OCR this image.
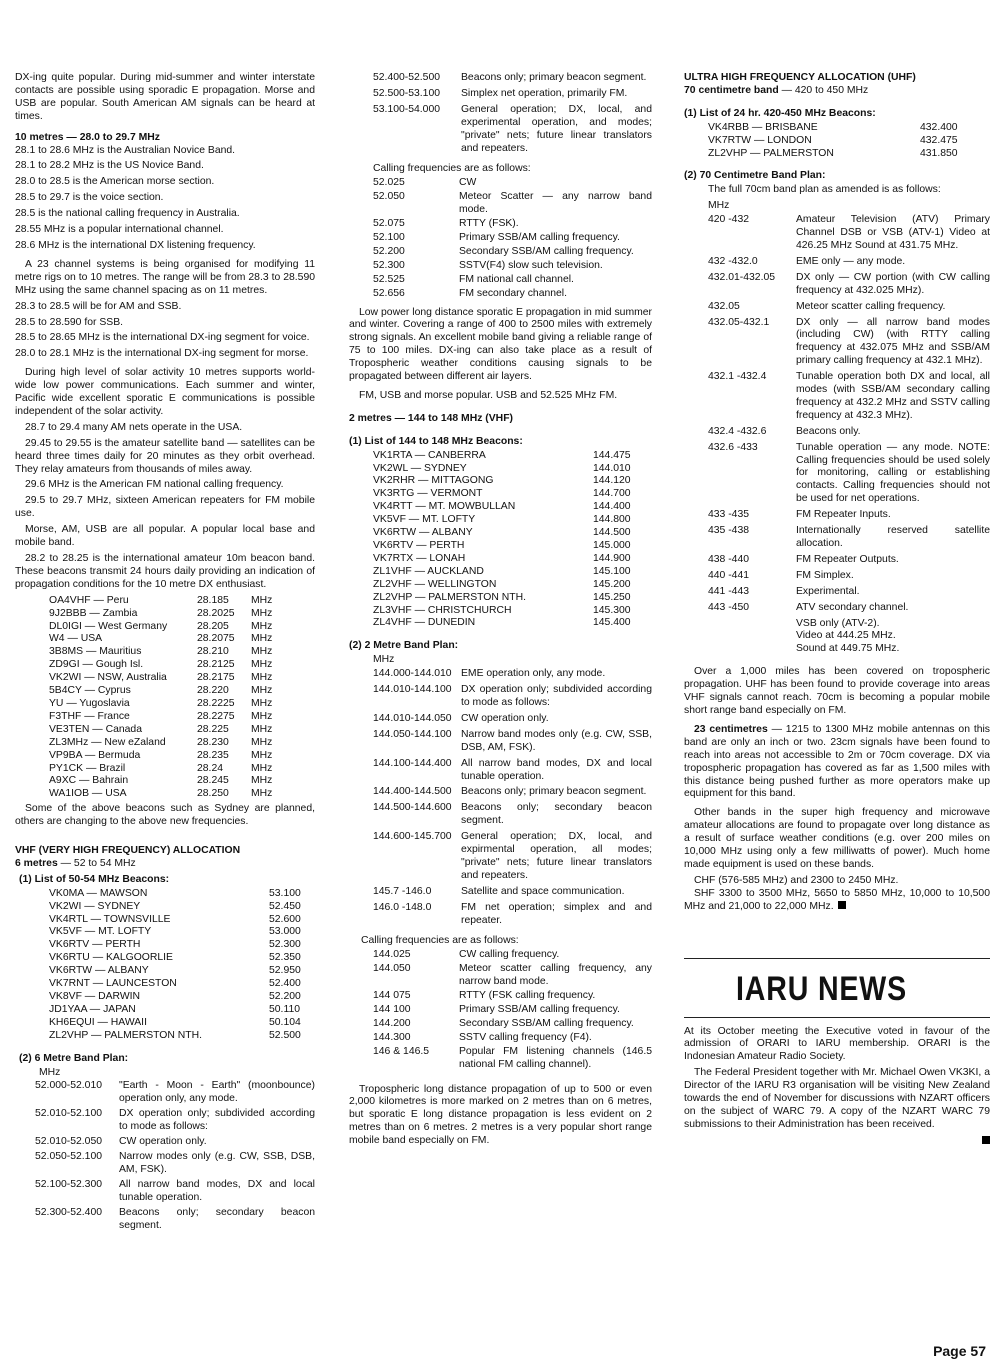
DX-ing quite popular. During mid-summer and winter interstate contacts are possible using sporadic E propagation. Morse and USB are popular. South American AM signals can be heard at times.

10 metres — 28.0 to 29.7 MHz

28.1 to 28.6 MHz is the Australian Novice Band.

28.1 to 28.2 MHz is the US Novice Band.

28.0 to 28.5 is the American morse section.

28.5 to 29.7 is the voice section.

28.5 is the national calling frequency in Australia.

28.55 MHz is a popular international channel.

28.6 MHz is the international DX listening frequency.

A 23 channel systems is being organised for modifying 11 metre rigs on to 10 metres. The range will be from 28.3 to 28.590 MHz using the same channel spacing as on 11 metres.

28.3 to 28.5 will be for AM and SSB.

28.5 to 28.590 for SSB.

28.5 to 28.65 MHz is the international DX-ing segment for voice.

28.0 to 28.1 MHz is the international DX-ing segment for morse.

During high level of solar activity 10 metres supports world-wide low power communications. Each summer and winter, Pacific wide excellent sporatic E communications is possible independent of the solar activity.

28.7 to 29.4 many AM nets operate in the USA.

29.45 to 29.55 is the amateur satellite band — satellites can be heard three times daily for 20 minutes as they orbit overhead. They relay amateurs from thousands of miles away.

29.6 MHz is the American FM national calling frequency.

29.5 to 29.7 MHz, sixteen American repeaters for FM mobile use.

Morse, AM, USB are all popular. A popular local base and mobile band.

28.2 to 28.25 is the international amateur 10m beacon band. These beacons transmit 24 hours daily providing an indication of propagation conditions for the 10 metre DX enthusiast.

OA4VHF — Peru	28.185	MHz
9J2BBB — Zambia	28.2025	MHz
DL0IGI — West Germany	28.205	MHz
W4 — USA	28.2075	MHz
3B8MS — Mauritius	28.210	MHz
ZD9GI — Gough Isl.	28.2125	MHz
VK2WI — NSW, Australia	28.2175	MHz
5B4CY — Cyprus	28.220	MHz
YU — Yugoslavia	28.2225	MHz
F3THF — France	28.2275	MHz
VE3TEN — Canada	28.225	MHz
ZL3MHz — New eZaland	28.230	MHz
VP9BA — Bermuda	28.235	MHz
PY1CK — Brazil	28.24	MHz
A9XC — Bahrain	28.245	MHz
WA1IOB — USA	28.250	MHz

Some of the above beacons such as Sydney are planned, others are changing to the above new frequencies.

VHF (VERY HIGH FREQUENCY) ALLOCATION

6 metres — 52 to 54 MHz

(1) List of 50-54 MHz Beacons:

VK0MA — MAWSON	53.100
VK2WI — SYDNEY	52.450
VK4RTL — TOWNSVILLE	52.600
VK5VF — MT. LOFTY	53.000
VK6RTV — PERTH	52.300
VK6RTU — KALGOORLIE	52.350
VK6RTW — ALBANY	52.950
VK7RNT — LAUNCESTON	52.400
VK8VF — DARWIN	52.200
JD1YAA — JAPAN	50.110
KH6EQUI — HAWAII	50.104
ZL2VHP — PALMERSTON NTH.	52.500

(2) 6 Metre Band Plan:

MHz

52.000-52.010	"Earth - Moon - Earth" (moonbounce) operation only, any mode.
52.010-52.100	DX operation only; subdivided according to mode as follows:
52.010-52.050	CW operation only.
52.050-52.100	Narrow modes only (e.g. CW, SSB, DSB, AM, FSK).
52.100-52.300	All narrow band modes, DX and local tunable operation.
52.300-52.400	Beacons only; secondary beacon segment.
52.400-52.500	Beacons only; primary beacon segment.
52.500-53.100	Simplex net operation, primarily FM.
53.100-54.000	General operation; DX, local, and experimental operation, and modes; "private" nets; future linear translators and repeaters.

Calling frequencies are as follows:

52.025	CW
52.050	Meteor Scatter — any narrow band mode.
52.075	RTTY (FSK).
52.100	Primary SSB/AM calling frequency.
52.200	Secondary SSB/AM calling frequency.
52.300	SSTV(F4) slow such television.
52.525	FM national call channel.
52.656	FM secondary channel.

Low power long distance sporatic E propagation in mid summer and winter. Covering a range of 400 to 2500 miles with extremely strong signals. An excellent mobile band giving a reliable range of 75 to 100 miles. DX-ing can also take place as a result of Tropospheric weather conditions causing signals to be propagated between different air layers.

FM, USB and morse popular. USB and 52.525 MHz FM.

2 metres — 144 to 148 MHz (VHF)

(1) List of 144 to 148 MHz Beacons:

VK1RTA — CANBERRA	144.475
VK2WL — SYDNEY	144.010
VK2RHR — MITTAGONG	144.120
VK3RTG — VERMONT	144.700
VK4RTT — MT. MOWBULLAN	144.400
VK5VF — MT. LOFTY	144.800
VK6RTW — ALBANY	144.500
VK6RTV — PERTH	145.000
VK7RTX — LONAH	144.900
ZL1VHF — AUCKLAND	145.100
ZL2VHF — WELLINGTON	145.200
ZL2VHP — PALMERSTON NTH.	145.250
ZL3VHF — CHRISTCHURCH	145.300
ZL4VHF — DUNEDIN	145.400

(2) 2 Metre Band Plan:

MHz

144.000-144.010 EME operation only, any mode.
144.010-144.100 DX operation only; subdivided according to mode as follows:
144.010-144.050 CW operation only.
144.050-144.100 Narrow band modes only (e.g. CW, SSB, DSB, AM, FSK).
144.100-144.400 All narrow band modes, DX and local tunable operation.
144.400-144.500 Beacons only; primary beacon segment.
144.500-144.600 Beacons only; secondary beacon segment.
144.600-145.700 General operation; DX, local, and expirmental operation, all modes; "private" nets; future linear translators and repeaters.
145.7 -146.0	Satellite and space communication.
146.0 -148.0	FM net operation; simplex and and repeater.

Calling frequencies are as follows:

144.025	CW calling frequency.
144.050	Meteor scatter calling frequency, any narrow band mode.
144 075	RTTY (FSK calling frequency.
144 100	Primary SSB/AM calling frequency.
144.200	Secondary SSB/AM calling frequency.
144.300	SSTV calling frequency (F4).
146 & 146.5	Popular FM listening channels (146.5 national FM calling channel).

Tropospheric long distance propagation of up to 500 or even 2,000 kilometres is more marked on 2 metres than on 6 metres, but sporatic E long distance propagation is less evident on 2 metres than on 6 metres. 2 metres is a very popular short range mobile band especially on FM.

ULTRA HIGH FREQUENCY ALLOCATION (UHF)

70 centimetre band — 420 to 450 MHz

(1) List of 24 hr. 420-450 MHz Beacons:

VK4RBB — BRISBANE	432.400
VK7RTW — LONDON	432.475
ZL2VHP — PALMERSTON	431.850

(2) 70 Centimetre Band Plan:

The full 70cm band plan as amended is as follows:

MHz

420 -432	Amateur Television (ATV) Primary Channel DSB or VSB (ATV-1) Video at 426.25 MHz Sound at 431.75 MHz.
432 -432.0	EME only — any mode.
432.01-432.05	DX only — CW portion (with CW calling frequency at 432.025 MHz).
432.05	Meteor scatter calling frequency.
432.05-432.1	DX only — all narrow band modes (including CW) (with RTTY calling frequency at 432.075 MHz and SSB/AM primary calling frequency at 432.1 MHz).
432.1 -432.4	Tunable operation both DX and local, all modes (with SSB/AM secondary calling frequency at 432.2 MHz and SSTV calling frequency at 432.3 MHz).
432.4 -432.6	Beacons only.
432.6 -433	Tunable operation — any mode. NOTE: Calling frequencies should be used solely for monitoring, calling or establishing contacts. Calling frequencies should not be used for net operations.
433 -435	FM Repeater Inputs.
435 -438	Internationally reserved satellite allocation.
438 -440	FM Repeater Outputs.
440 -441	FM Simplex.
441 -443	Experimental.
443 -450	ATV secondary channel.
VSB only (ATV-2).
Video at 444.25 MHz.
Sound at 449.75 MHz.

Over a 1,000 miles has been covered on tropospheric propagation. UHF has been found to provide coverage into areas VHF signals cannot reach. 70cm is becoming a popular mobile short range band especially on FM.

23 centimetres — 1215 to 1300 MHz mobile antennas on this band are only an inch or two. 23cm signals have been found to reach into areas not accessible to 2m or 70cm coverage. DX via tropospheric propagation has covered as far as 1,500 miles with this distance being pushed further as more operators make up equipment for this band.

Other bands in the super high frequency and microwave amateur allocations are found to propagate over long distance as a result of surface weather conditions (e.g. over 200 miles on 10,000 MHz using only a few milliwatts of power). Much home made equipment is used on these bands.

CHF (576-585 MHz) and 2300 to 2450 MHz.

SHF 3300 to 3500 MHz, 5650 to 5850 MHz, 10,000 to 10,500 MHz and 21,000 to 22,000 MHz.

IARU NEWS

At its October meeting the Executive voted in favour of the admission of ORARI to IARU membership. ORARI is the Indonesian Amateur Radio Society.

The Federal President together with Mr. Michael Owen VK3KI, a Director of the IARU R3 organisation will be visiting New Zealand towards the end of November for discussions with NZART officers on the subject of WARC 79. A copy of the NZART WARC 79 submissions to their Administration has been received.

Page 57
